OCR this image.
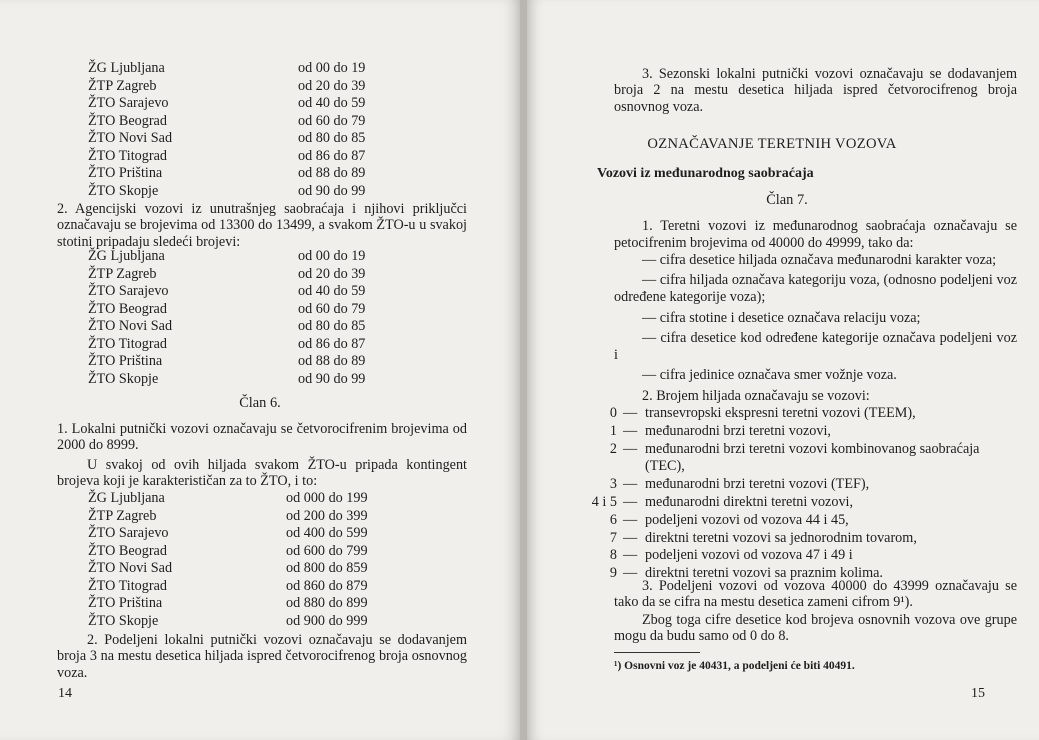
ŽG Ljubljana	od 00 do 19
ŽTP Zagreb	od 20 do 39
ŽTO Sarajevo	od 40 do 59
ŽTO Beograd	od 60 do 79
ŽTO Novi Sad	od 80 do 85
ŽTO Titograd	od 86 do 87
ŽTO Priština	od 88 do 89
ŽTO Skopje	od 90 do 99
2. Agencijski vozovi iz unutrašnjeg saobraćaja i njihovi priključci označavaju se brojevima od 13300 do 13499, a svakom ŽTO-u u svakoj stotini pripadaju sledeći brojevi:
ŽG Ljubljana	od 00 do 19
ŽTP Zagreb	od 20 do 39
ŽTO Sarajevo	od 40 do 59
ŽTO Beograd	od 60 do 79
ŽTO Novi Sad	od 80 do 85
ŽTO Titograd	od 86 do 87
ŽTO Priština	od 88 do 89
ŽTO Skopje	od 90 do 99
Član 6.
1. Lokalni putnički vozovi označavaju se četvorocifrenim brojevima od 2000 do 8999.
U svakoj od ovih hiljada svakom ŽTO-u pripada kontingent brojeva koji je karakterističan za to ŽTO, i to:
ŽG Ljubljana	od 000 do 199
ŽTP Zagreb	od 200 do 399
ŽTO Sarajevo	od 400 do 599
ŽTO Beograd	od 600 do 799
ŽTO Novi Sad	od 800 do 859
ŽTO Titograd	od 860 do 879
ŽTO Priština	od 880 do 899
ŽTO Skopje	od 900 do 999
2. Podeljeni lokalni putnički vozovi označavaju se dodavanjem broja 3 na mestu desetica hiljada ispred četvorocifrenog broja osnovnog voza.
14
3. Sezonski lokalni putnički vozovi označavaju se dodavanjem broja 2 na mestu desetica hiljada ispred četvorocifrenog broja osnovnog voza.
OZNAČAVANJE TERETNIH VOZOVA
Vozovi iz međunarodnog saobraćaja
Član 7.
1. Teretni vozovi iz međunarodnog saobraćaja označavaju se petocifrenim brojevima od 40000 do 49999, tako da:
— cifra desetice hiljada označava međunarodni karakter voza;
— cifra hiljada označava kategoriju voza, (odnosno podeljeni voz određene kategorije voza);
— cifra stotine i desetice označava relaciju voza;
— cifra desetice kod određene kategorije označava podeljeni voz i
— cifra jedinice označava smer vožnje voza.
2. Brojem hiljada označavaju se vozovi:
0 — transevropski ekspresni teretni vozovi (TEEM),
1 — međunarodni brzi teretni vozovi,
2 — međunarodni brzi teretni vozovi kombinovanog saobraćaja (TEC),
3 — međunarodni brzi teretni vozovi (TEF),
4 i 5 — međunarodni direktni teretni vozovi,
6 — podeljeni vozovi od vozova 44 i 45,
7 — direktni teretni vozovi sa jednorodnim tovarom,
8 — podeljeni vozovi od vozova 47 i 49 i
9 — direktni teretni vozovi sa praznim kolima.
3. Podeljeni vozovi od vozova 40000 do 43999 označavaju se tako da se cifra na mestu desetica zameni cifrom 9¹).
Zbog toga cifre desetice kod brojeva osnovnih vozova ove grupe mogu da budu samo od 0 do 8.
¹) Osnovni voz je 40431, a podeljeni će biti 40491.
15
